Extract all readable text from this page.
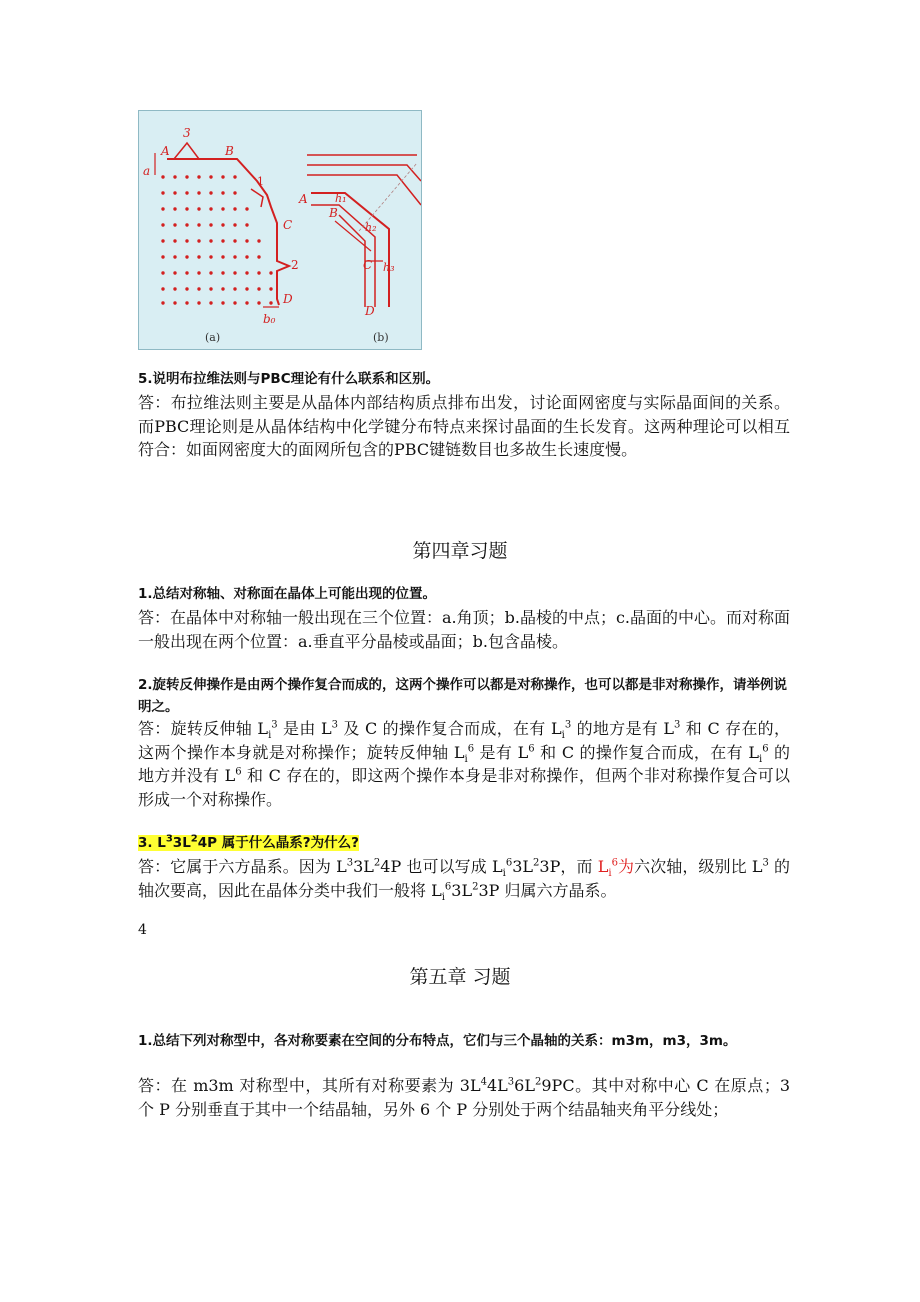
3
A	B
a
1
C
2
D
b₀
A
B
C
D
h₁
h₂
h₃
(a)	(b)
5.说明布拉维法则与PBC理论有什么联系和区别。
答：布拉维法则主要是从晶体内部结构质点排布出发，讨论面网密度与实际晶面间的关系。而PBC理论则是从晶体结构中化学键分布特点来探讨晶面的生长发育。这两种理论可以相互符合：如面网密度大的面网所包含的PBC键链数目也多故生长速度慢。
第四章习题
1.总结对称轴、对称面在晶体上可能出现的位置。
答：在晶体中对称轴一般出现在三个位置：a.角顶；b.晶棱的中点；c.晶面的中心。而对称面一般出现在两个位置：a.垂直平分晶棱或晶面；b.包含晶棱。
2.旋转反伸操作是由两个操作复合而成的，这两个操作可以都是对称操作，也可以都是非对称操作，请举例说明之。
答：旋转反伸轴 $L_i^3$ 是由 $L^3$ 及 C 的操作复合而成，在有 $L_i^3$ 的地方是有 $L^3$ 和 C 存在的，这两个操作本身就是对称操作；旋转反伸轴 $L_i^6$ 是有 $L^6$ 和 C 的操作复合而成，在有 $L_i^6$ 的地方并没有 $L^6$ 和 C 存在的，即这两个操作本身是非对称操作，但两个非对称操作复合可以形成一个对称操作。
3. $L^33L^24P$ 属于什么晶系?为什么?
答：它属于六方晶系。因为 $L^33L^24P$ 也可以写成 $L_i^63L^23P$，而 $L_i^6$为六次轴，级别比 $L^3$ 的轴次要高，因此在晶体分类中我们一般将 $L_i^63L^23P$ 归属六方晶系。
4
第五章 习题
1.总结下列对称型中，各对称要素在空间的分布特点，它们与三个晶轴的关系：m3m，m3，3m。
答：在 m3m 对称型中，其所有对称要素为 $3L^44L^36L^29PC$。其中对称中心 C 在原点；3 个 P 分别垂直于其中一个结晶轴，另外 6 个 P 分别处于两个结晶轴夹角平分线处；
